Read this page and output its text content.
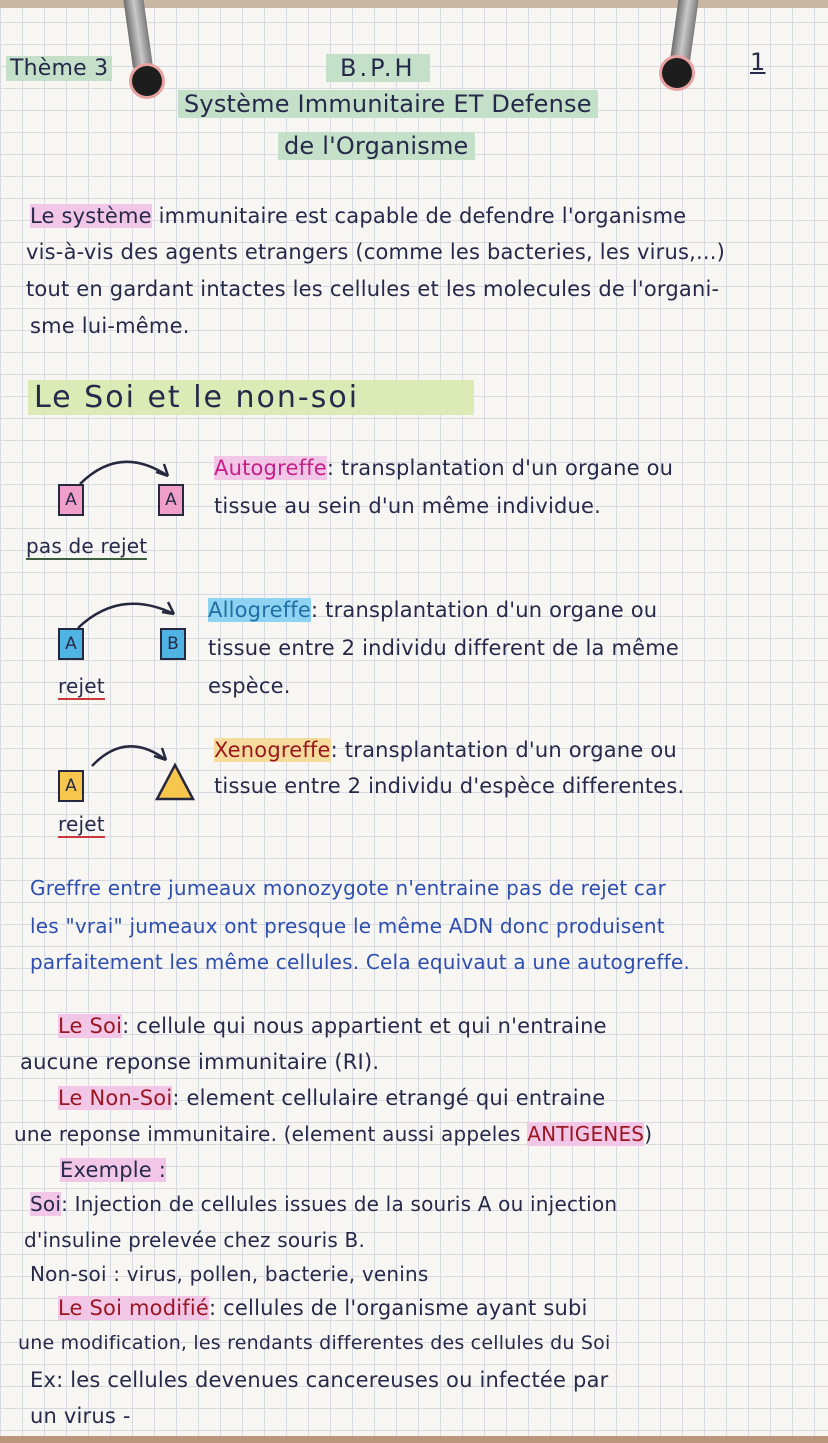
Thème 3	B.P.H	1
Système Immunitaire ET Defense
de l'Organisme
Le système immunitaire est capable de defendre l'organisme
vis-à-vis des agents etrangers (comme les bacteries, les virus,...)
tout en gardant intactes les cellules et les molecules de l'organi-
sme lui-même.
Le Soi et le non-soi
A	A
pas de rejet
Autogreffe: transplantation d'un organe ou
tissue au sein d'un même individue.
A	B
rejet
Allogreffe: transplantation d'un organe ou
tissue entre 2 individu different de la même
espèce.
A
rejet
Xenogreffe: transplantation d'un organe ou
tissue entre 2 individu d'espèce differentes.
Greffre entre jumeaux monozygote n'entraine pas de rejet car
les "vrai" jumeaux ont presque le même ADN donc produisent
parfaitement les même cellules. Cela equivaut a une autogreffe.
Le Soi: cellule qui nous appartient et qui n'entraine
aucune reponse immunitaire (RI).
Le Non-Soi: element cellulaire etrangé qui entraine
une reponse immunitaire. (element aussi appeles ANTIGENES)
Exemple :
Soi: Injection de cellules issues de la souris A ou injection
d'insuline prelevée chez souris B.
Non-soi : virus, pollen, bacterie, venins
Le Soi modifié: cellules de l'organisme ayant subi
une modification, les rendants differentes des cellules du Soi
Ex: les cellules devenues cancereuses ou infectée par
un virus -
